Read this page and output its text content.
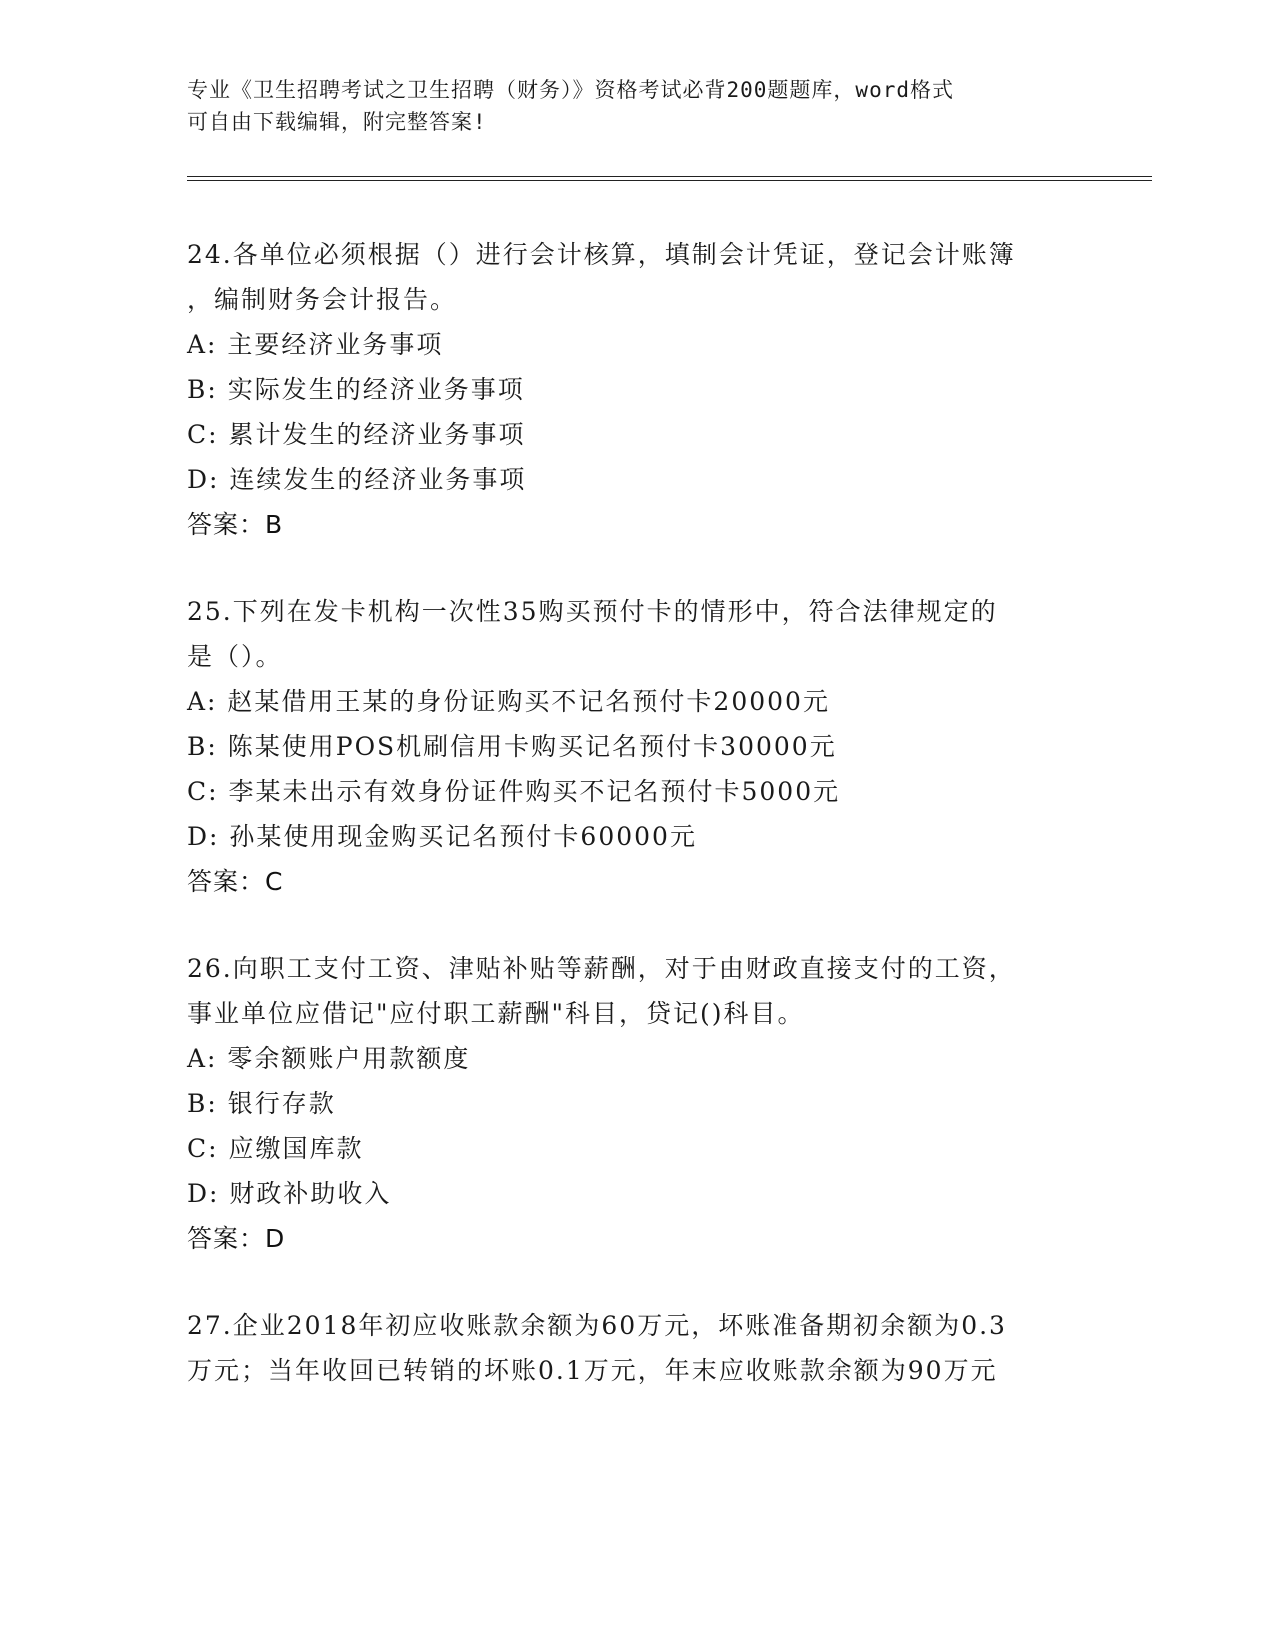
专业《卫生招聘考试之卫生招聘（财务）》资格考试必背200题题库，word格式
可自由下载编辑，附完整答案!
24.各单位必须根据（）进行会计核算，填制会计凭证，登记会计账簿
，编制财务会计报告。
A: 主要经济业务事项
B: 实际发生的经济业务事项
C: 累计发生的经济业务事项
D: 连续发生的经济业务事项
答案：B
25.下列在发卡机构一次性35购买预付卡的情形中，符合法律规定的
是（）。
A: 赵某借用王某的身份证购买不记名预付卡20000元
B: 陈某使用POS机刷信用卡购买记名预付卡30000元
C: 李某未出示有效身份证件购买不记名预付卡5000元
D: 孙某使用现金购买记名预付卡60000元
答案：C
26.向职工支付工资、津贴补贴等薪酬，对于由财政直接支付的工资，
事业单位应借记"应付职工薪酬"科目，贷记()科目。
A: 零余额账户用款额度
B: 银行存款
C: 应缴国库款
D: 财政补助收入
答案：D
27.企业2018年初应收账款余额为60万元，坏账准备期初余额为0.3
万元；当年收回已转销的坏账0.1万元，年末应收账款余额为90万元
